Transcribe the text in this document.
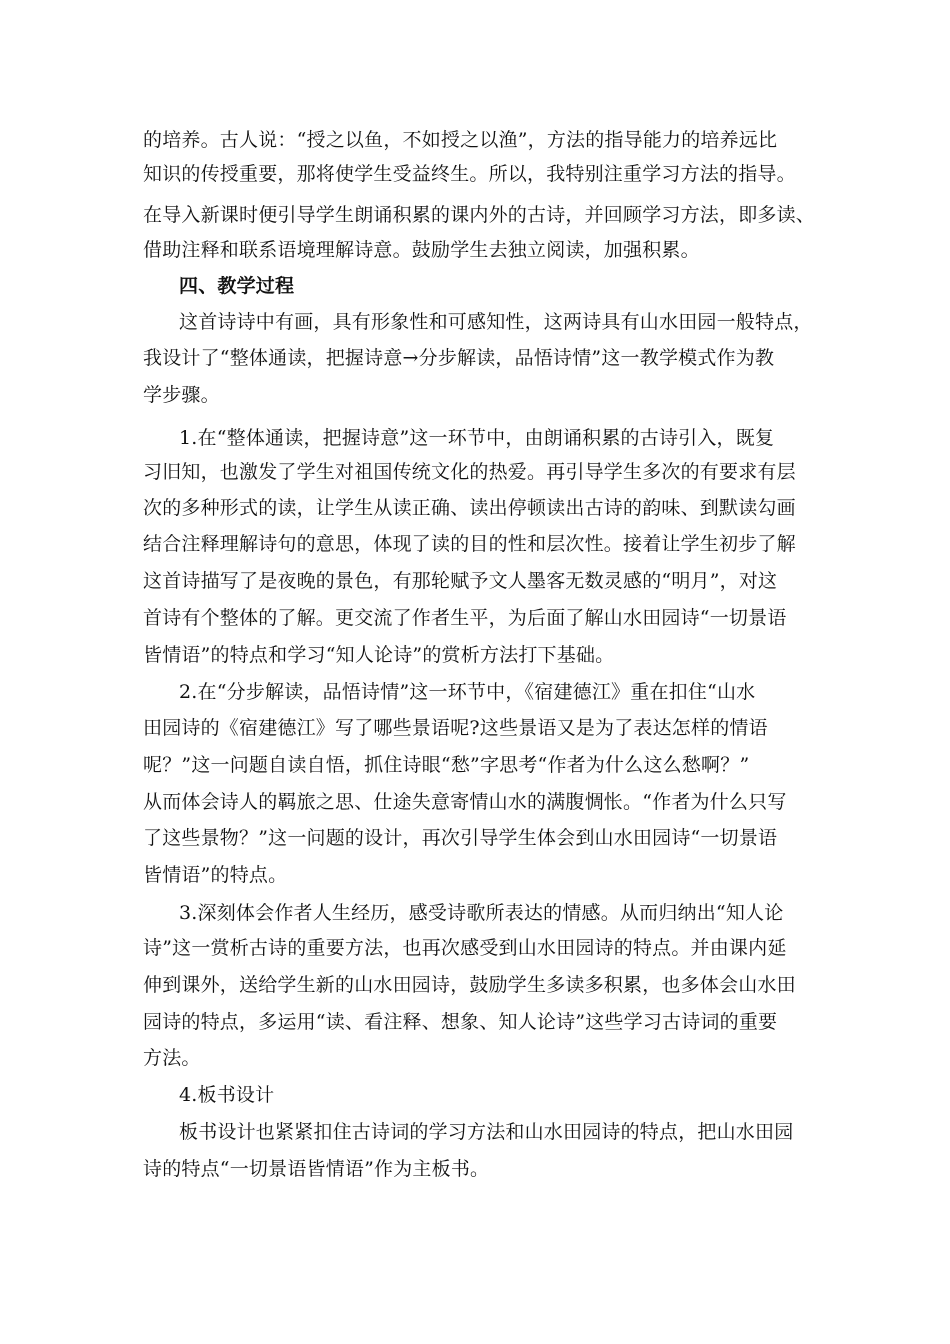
的培养。古人说：“授之以鱼，不如授之以渔”，方法的指导能力的培养远比
知识的传授重要，那将使学生受益终生。所以，我特别注重学习方法的指导。
在导入新课时便引导学生朗诵积累的课内外的古诗，并回顾学习方法，即多读、
借助注释和联系语境理解诗意。鼓励学生去独立阅读，加强积累。
四、教学过程
这首诗诗中有画，具有形象性和可感知性，这两诗具有山水田园一般特点，
我设计了“整体通读，把握诗意→分步解读，品悟诗情”这一教学模式作为教
学步骤。
1.在“整体通读，把握诗意”这一环节中，由朗诵积累的古诗引入，既复
习旧知，也激发了学生对祖国传统文化的热爱。再引导学生多次的有要求有层
次的多种形式的读，让学生从读正确、读出停顿读出古诗的韵味、到默读勾画
结合注释理解诗句的意思，体现了读的目的性和层次性。接着让学生初步了解
这首诗描写了是夜晚的景色，有那轮赋予文人墨客无数灵感的“明月”，对这
首诗有个整体的了解。更交流了作者生平，为后面了解山水田园诗“一切景语
皆情语”的特点和学习“知人论诗”的赏析方法打下基础。
2.在“分步解读，品悟诗情”这一环节中，《宿建德江》重在扣住“山水
田园诗的《宿建德江》写了哪些景语呢?这些景语又是为了表达怎样的情语
呢？”这一问题自读自悟，抓住诗眼“愁”字思考“作者为什么这么愁啊？”
从而体会诗人的羁旅之思、仕途失意寄情山水的满腹惆怅。“作者为什么只写
了这些景物？”这一问题的设计，再次引导学生体会到山水田园诗“一切景语
皆情语”的特点。
3.深刻体会作者人生经历，感受诗歌所表达的情感。从而归纳出“知人论
诗”这一赏析古诗的重要方法，也再次感受到山水田园诗的特点。并由课内延
伸到课外，送给学生新的山水田园诗，鼓励学生多读多积累，也多体会山水田
园诗的特点，多运用“读、看注释、想象、知人论诗”这些学习古诗词的重要
方法。
4.板书设计
板书设计也紧紧扣住古诗词的学习方法和山水田园诗的特点，把山水田园
诗的特点“一切景语皆情语”作为主板书。
